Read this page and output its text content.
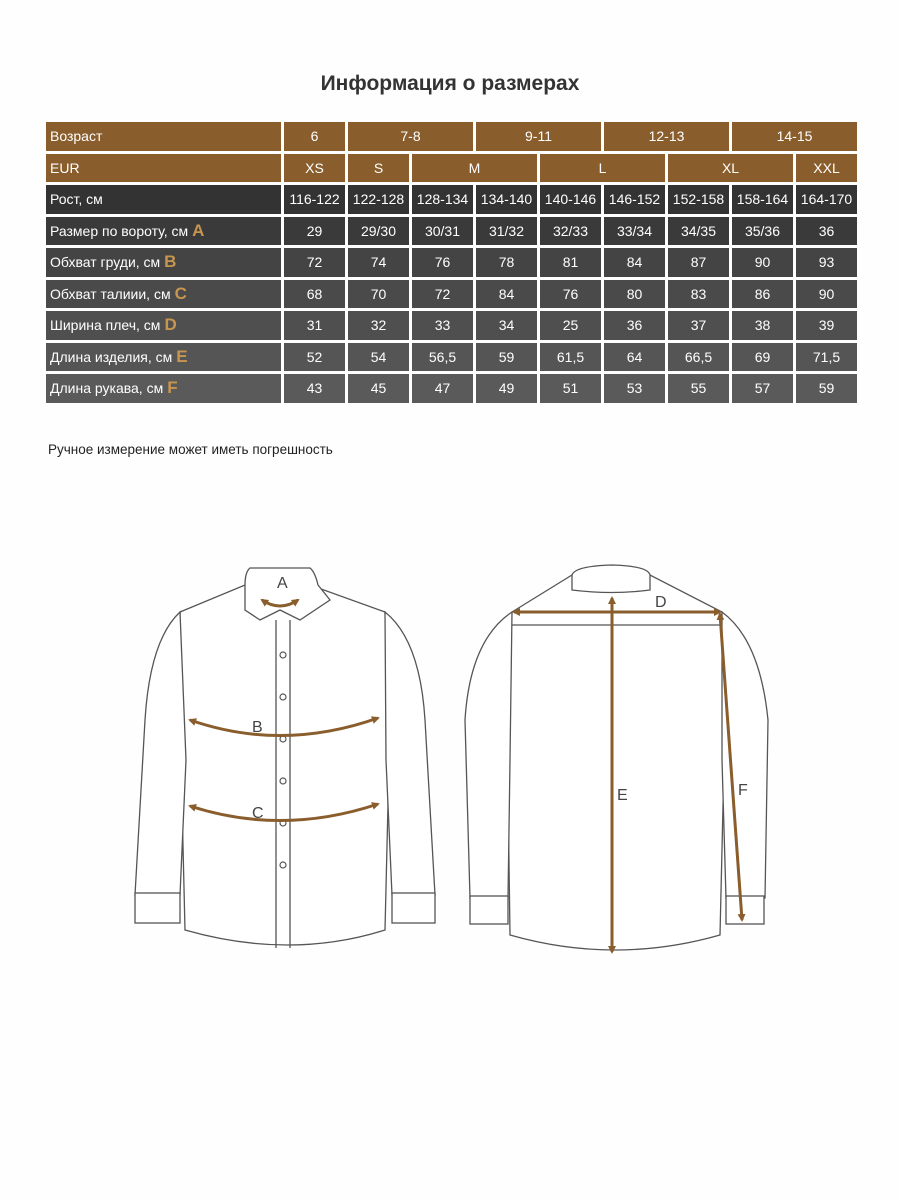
Информация о размерах
Возраст	6	7-8		9-11		12-13		14-15	
EUR	XS	S	M		L		XL		XXL
Рост, см	116-122	122-128	128-134	134-140	140-146	146-152	152-158	158-164	164-170
Размер по вороту, см A	29	29/30	30/31	31/32	32/33	33/34	34/35	35/36	36
Обхват груди, см B	72	74	76	78	81	84	87	90	93
Обхват талиии, см C	68	70	72	84	76	80	83	86	90
Ширина плеч, см D	31	32	33	34	25	36	37	38	39
Длина изделия, см E	52	54	56,5	59	61,5	64	66,5	69	71,5
Длина рукава, см F	43	45	47	49	51	53	55	57	59
Ручное измерение может иметь погрешность
A
B
C
D
E	F
